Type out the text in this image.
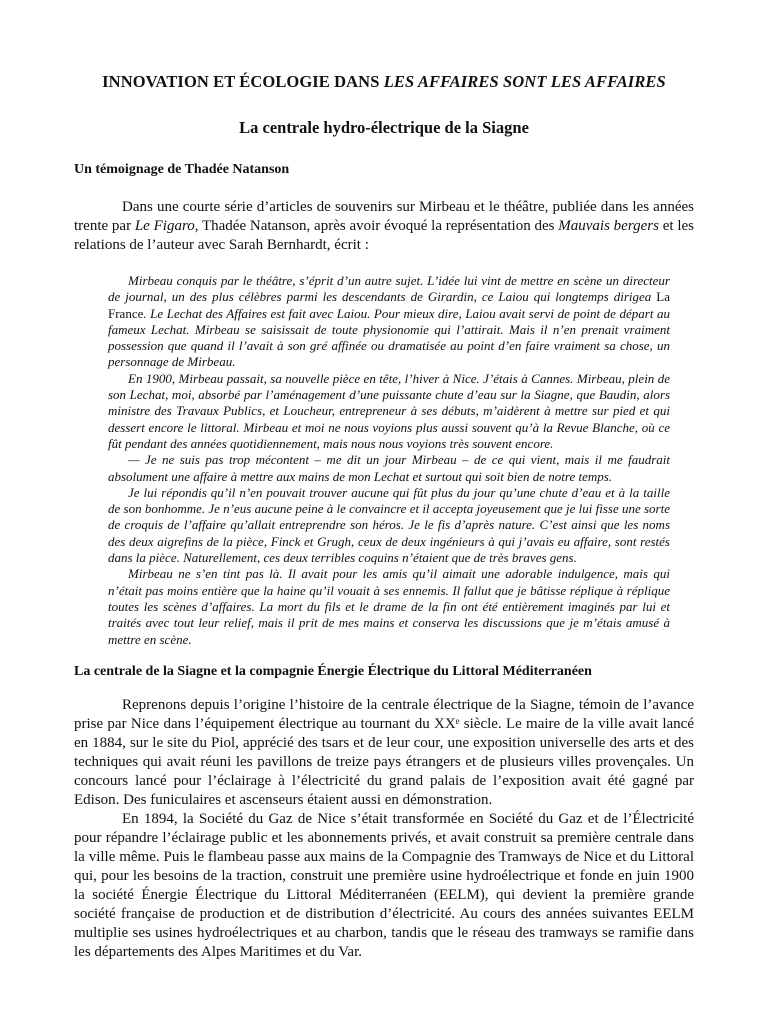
INNOVATION ET ÉCOLOGIE DANS LES AFFAIRES SONT LES AFFAIRES
La centrale hydro-électrique de la Siagne
Un témoignage de Thadée Natanson

Dans une courte série d’articles de souvenirs sur Mirbeau et le théâtre, publiée dans les années trente par Le Figaro, Thadée Natanson, après avoir évoqué la représentation des Mauvais bergers et les relations de l’auteur avec Sarah Bernhardt, écrit :

Mirbeau conquis par le théâtre, s’éprit d’un autre sujet. L’idée lui vint de mettre en scène un directeur de journal, un des plus célèbres parmi les descendants de Girardin, ce Laiou qui longtemps dirigea La France. Le Lechat des Affaires est fait avec Laiou. Pour mieux dire, Laiou avait servi de point de départ au fameux Lechat. Mirbeau se saisissait de toute physionomie qui l’attirait. Mais il n’en prenait vraiment possession que quand il l’avait à son gré affinée ou dramatisée au point d’en faire vraiment sa chose, un personnage de Mirbeau.

En 1900, Mirbeau passait, sa nouvelle pièce en tête, l’hiver à Nice. J’étais à Cannes. Mirbeau, plein de son Lechat, moi, absorbé par l’aménagement d’une puissante chute d’eau sur la Siagne, que Baudin, alors ministre des Travaux Publics, et Loucheur, entrepreneur à ses débuts, m’aidèrent à mettre sur pied et qui dessert encore le littoral. Mirbeau et moi ne nous voyions plus aussi souvent qu’à la Revue Blanche, où ce fût pendant des années quotidiennement, mais nous nous voyions très souvent encore.

— Je ne suis pas trop mécontent – me dit un jour Mirbeau – de ce qui vient, mais il me faudrait absolument une affaire à mettre aux mains de mon Lechat et surtout qui soit bien de notre temps.

Je lui répondis qu’il n’en pouvait trouver aucune qui fût plus du jour qu’une chute d’eau et à la taille de son bonhomme. Je n’eus aucune peine à le convaincre et il accepta joyeusement que je lui fisse une sorte de croquis de l’affaire qu’allait entreprendre son héros. Je le fis d’après nature. C’est ainsi que les noms des deux aigrefins de la pièce, Finck et Grugh, ceux de deux ingénieurs à qui j’avais eu affaire, sont restés dans la pièce. Naturellement, ces deux terribles coquins n’étaient que de très braves gens.

Mirbeau ne s’en tint pas là. Il avait pour les amis qu’il aimait une adorable indulgence, mais qui n’était pas moins entière que la haine qu’il vouait à ses ennemis. Il fallut que je bâtisse réplique à réplique toutes les scènes d’affaires. La mort du fils et le drame de la fin ont été entièrement imaginés par lui et traités avec tout leur relief, mais il prit de mes mains et conserva les discussions que je m’étais amusé à mettre en scène.

La centrale de la Siagne et la compagnie Énergie Électrique du Littoral Méditerranéen

Reprenons depuis l’origine l’histoire de la centrale électrique de la Siagne, témoin de l’avance prise par Nice dans l’équipement électrique au tournant du XXᵉ siècle. Le maire de la ville avait lancé en 1884, sur le site du Piol, apprécié des tsars et de leur cour, une exposition universelle des arts et des techniques qui avait réuni les pavillons de treize pays étrangers et de plusieurs villes provençales. Un concours lancé pour l’éclairage à l’électricité du grand palais de l’exposition avait été gagné par Edison. Des funiculaires et ascenseurs étaient aussi en démonstration.

En 1894, la Société du Gaz de Nice s’était transformée en Société du Gaz et de l’Électricité pour répandre l’éclairage public et les abonnements privés, et avait construit sa première centrale dans la ville même. Puis le flambeau passe aux mains de la Compagnie des Tramways de Nice et du Littoral qui, pour les besoins de la traction, construit une première usine hydroélectrique et fonde en juin 1900 la société Énergie Électrique du Littoral Méditerranéen (EELM), qui devient la première grande société française de production et de distribution d’électricité. Au cours des années suivantes EELM multiplie ses usines hydroélectriques et au charbon, tandis que le réseau des tramways se ramifie dans les départements des Alpes Maritimes et du Var.
